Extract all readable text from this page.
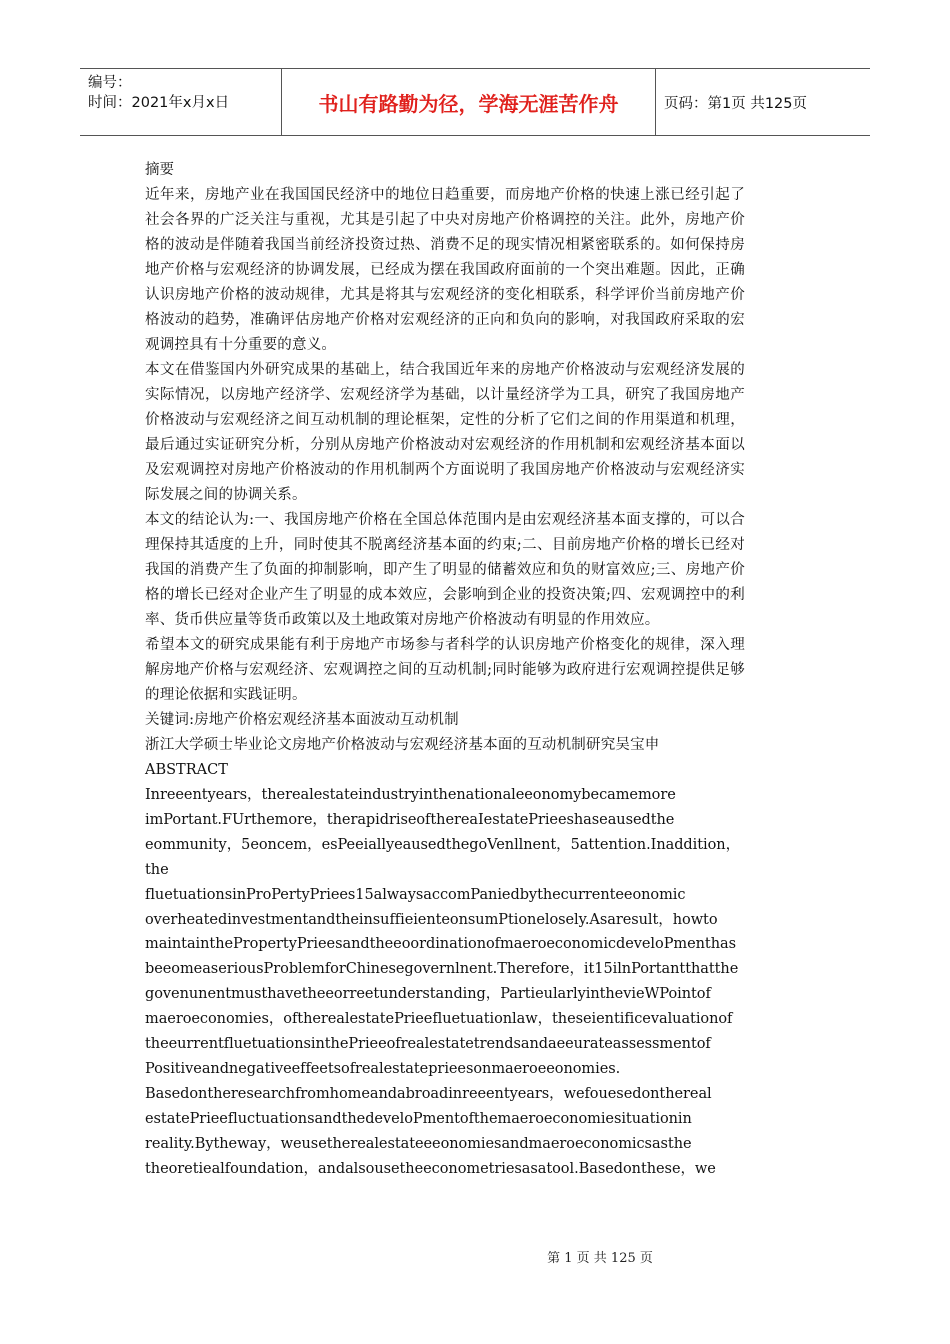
编号：
时间：2021年x月x日	书山有路勤为径，学海无涯苦作舟	页码：第1页 共125页
摘要

近年来，房地产业在我国国民经济中的地位日趋重要，而房地产价格的快速上涨已经引起了社会各界的广泛关注与重视，尤其是引起了中央对房地产价格调控的关注。此外，房地产价格的波动是伴随着我国当前经济投资过热、消费不足的现实情况相紧密联系的。如何保持房地产价格与宏观经济的协调发展，已经成为摆在我国政府面前的一个突出难题。因此，正确认识房地产价格的波动规律，尤其是将其与宏观经济的变化相联系，科学评价当前房地产价格波动的趋势，准确评估房地产价格对宏观经济的正向和负向的影响，对我国政府采取的宏观调控具有十分重要的意义。

本文在借鉴国内外研究成果的基础上，结合我国近年来的房地产价格波动与宏观经济发展的实际情况，以房地产经济学、宏观经济学为基础，以计量经济学为工具，研究了我国房地产价格波动与宏观经济之间互动机制的理论框架，定性的分析了它们之间的作用渠道和机理，最后通过实证研究分析，分别从房地产价格波动对宏观经济的作用机制和宏观经济基本面以及宏观调控对房地产价格波动的作用机制两个方面说明了我国房地产价格波动与宏观经济实际发展之间的协调关系。

本文的结论认为:一、我国房地产价格在全国总体范围内是由宏观经济基本面支撑的，可以合理保持其适度的上升，同时使其不脱离经济基本面的约束;二、目前房地产价格的增长已经对我国的消费产生了负面的抑制影响，即产生了明显的储蓄效应和负的财富效应;三、房地产价格的增长已经对企业产生了明显的成本效应，会影响到企业的投资决策;四、宏观调控中的利率、货币供应量等货币政策以及土地政策对房地产价格波动有明显的作用效应。

希望本文的研究成果能有利于房地产市场参与者科学的认识房地产价格变化的规律，深入理解房地产价格与宏观经济、宏观调控之间的互动机制;同时能够为政府进行宏观调控提供足够的理论依据和实践证明。

关键词:房地产价格宏观经济基本面波动互动机制

浙江大学硕士毕业论文房地产价格波动与宏观经济基本面的互动机制研究吴宝申

ABSTRACT

Inreeentyears，therealestateindustryinthenationaleeonomybecamemore

imPortant.FUrthemore，therapidriseofthereaIestatePrieeshaseausedthe

eommunity，5eoncem，esPeeiallyeausedthegoVenllnent，5attention.Inaddition，the

fluetuationsinProPertyPriees15alwaysaccomPaniedbythecurrenteeonomic

overheatedinvestmentandtheinsuffieienteonsumPtionelosely.Asaresult，howto

maintainthePropertyPrieesandtheeoordinationofmaeroeconomicdeveloPmenthas

beeomeaseriousProblemforChinesegovernlnent.Therefore，it15ilnPortantthatthe

govenunentmusthavetheeorreetunderstanding，PartieularlyinthevieWPointof

maeroeconomies，oftherealestatePrieefluetuationlaw，theseientificevaluationof

theeurrentfluetuationsinthePrieeofrealestatetrendsandaeeurateassessmentof

Positiveandnegativeeffeetsofrealestateprieesonmaeroeeonomies.

Basedontheresearchfromhomeandabroadinreeentyears，wefouesedonthereal

estatePrieefluctuationsandthedeveloPmentofthemaeroeconomiesituationin

reality.Bytheway，weusetherealestateeeonomiesandmaeroeconomicsasthe

theoretiealfoundation，andalsousetheeconometriesasatool.Basedonthese，we

第 1 页 共 125 页
